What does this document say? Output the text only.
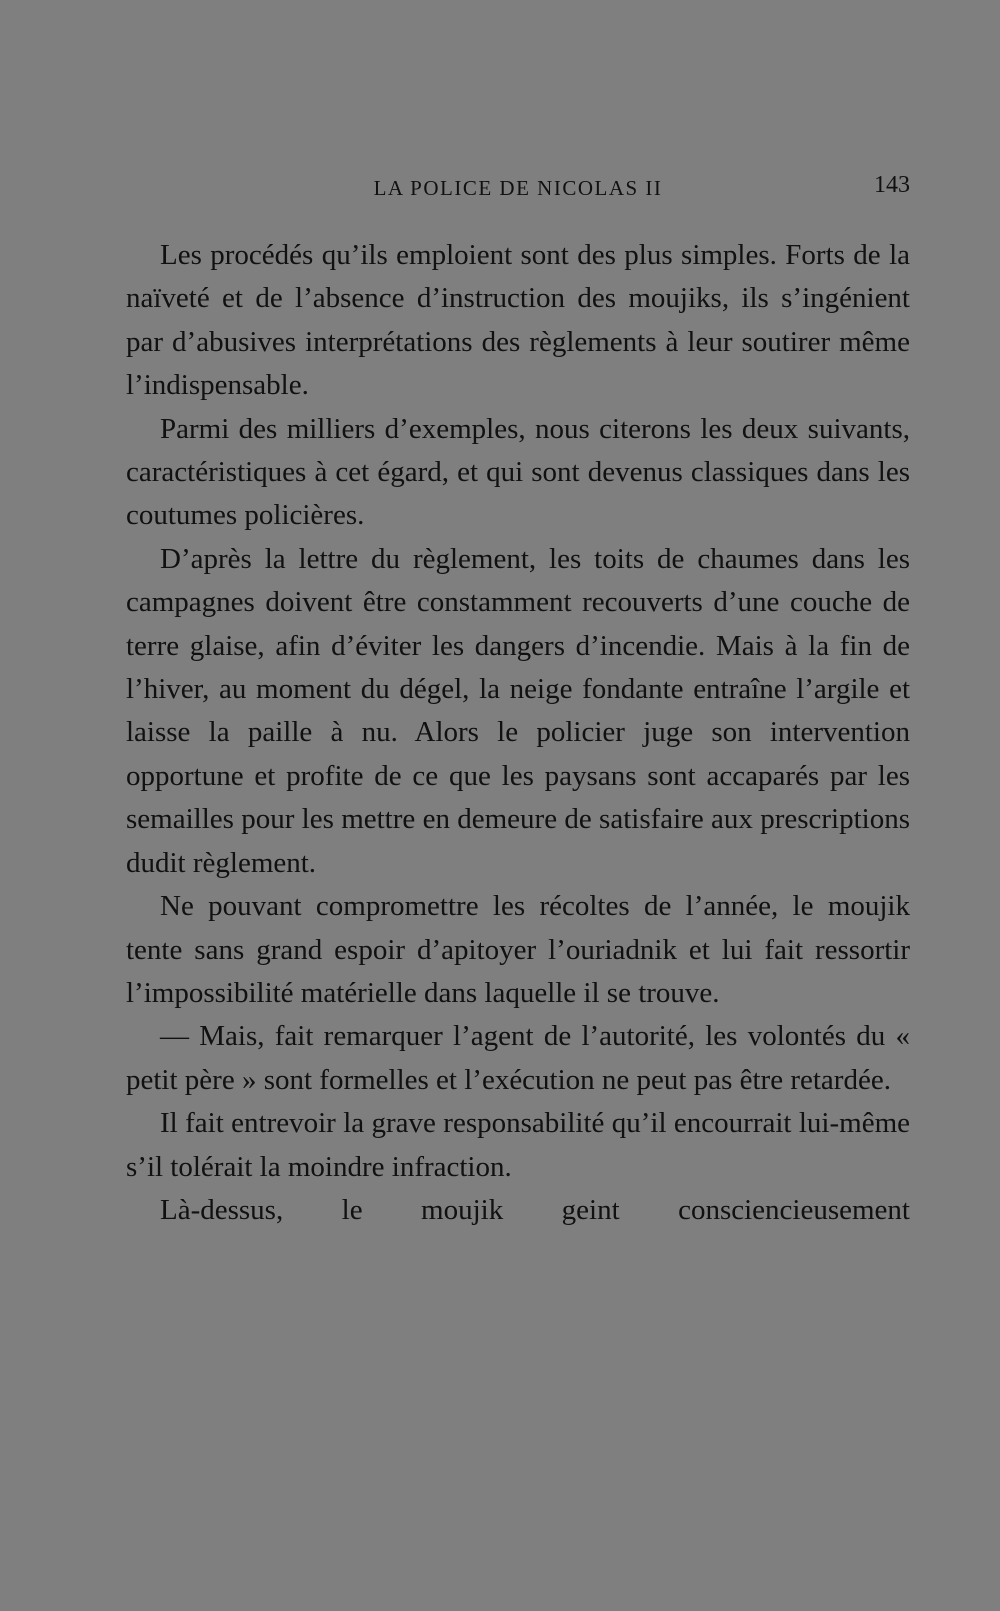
LA POLICE DE NICOLAS II	143

Les procédés qu’ils emploient sont des plus simples. Forts de la naïveté et de l’absence d’instruction des moujiks, ils s’ingénient par d’abusives interprétations des règlements à leur soutirer même l’indispensable.

Parmi des milliers d’exemples, nous citerons les deux suivants, caractéristiques à cet égard, et qui sont devenus classiques dans les coutumes policières.

D’après la lettre du règlement, les toits de chaumes dans les campagnes doivent être constamment recouverts d’une couche de terre glaise, afin d’éviter les dangers d’incendie. Mais à la fin de l’hiver, au moment du dégel, la neige fondante entraîne l’argile et laisse la paille à nu. Alors le policier juge son intervention opportune et profite de ce que les paysans sont accaparés par les semailles pour les mettre en demeure de satisfaire aux prescriptions dudit règlement.

Ne pouvant compromettre les récoltes de l’année, le moujik tente sans grand espoir d’apitoyer l’ouriadnik et lui fait ressortir l’impossibilité matérielle dans laquelle il se trouve.

— Mais, fait remarquer l’agent de l’autorité, les volontés du « petit père » sont formelles et l’exécution ne peut pas être retardée.

Il fait entrevoir la grave responsabilité qu’il encourrait lui-même s’il tolérait la moindre infraction.

Là-dessus, le moujik geint consciencieusement
